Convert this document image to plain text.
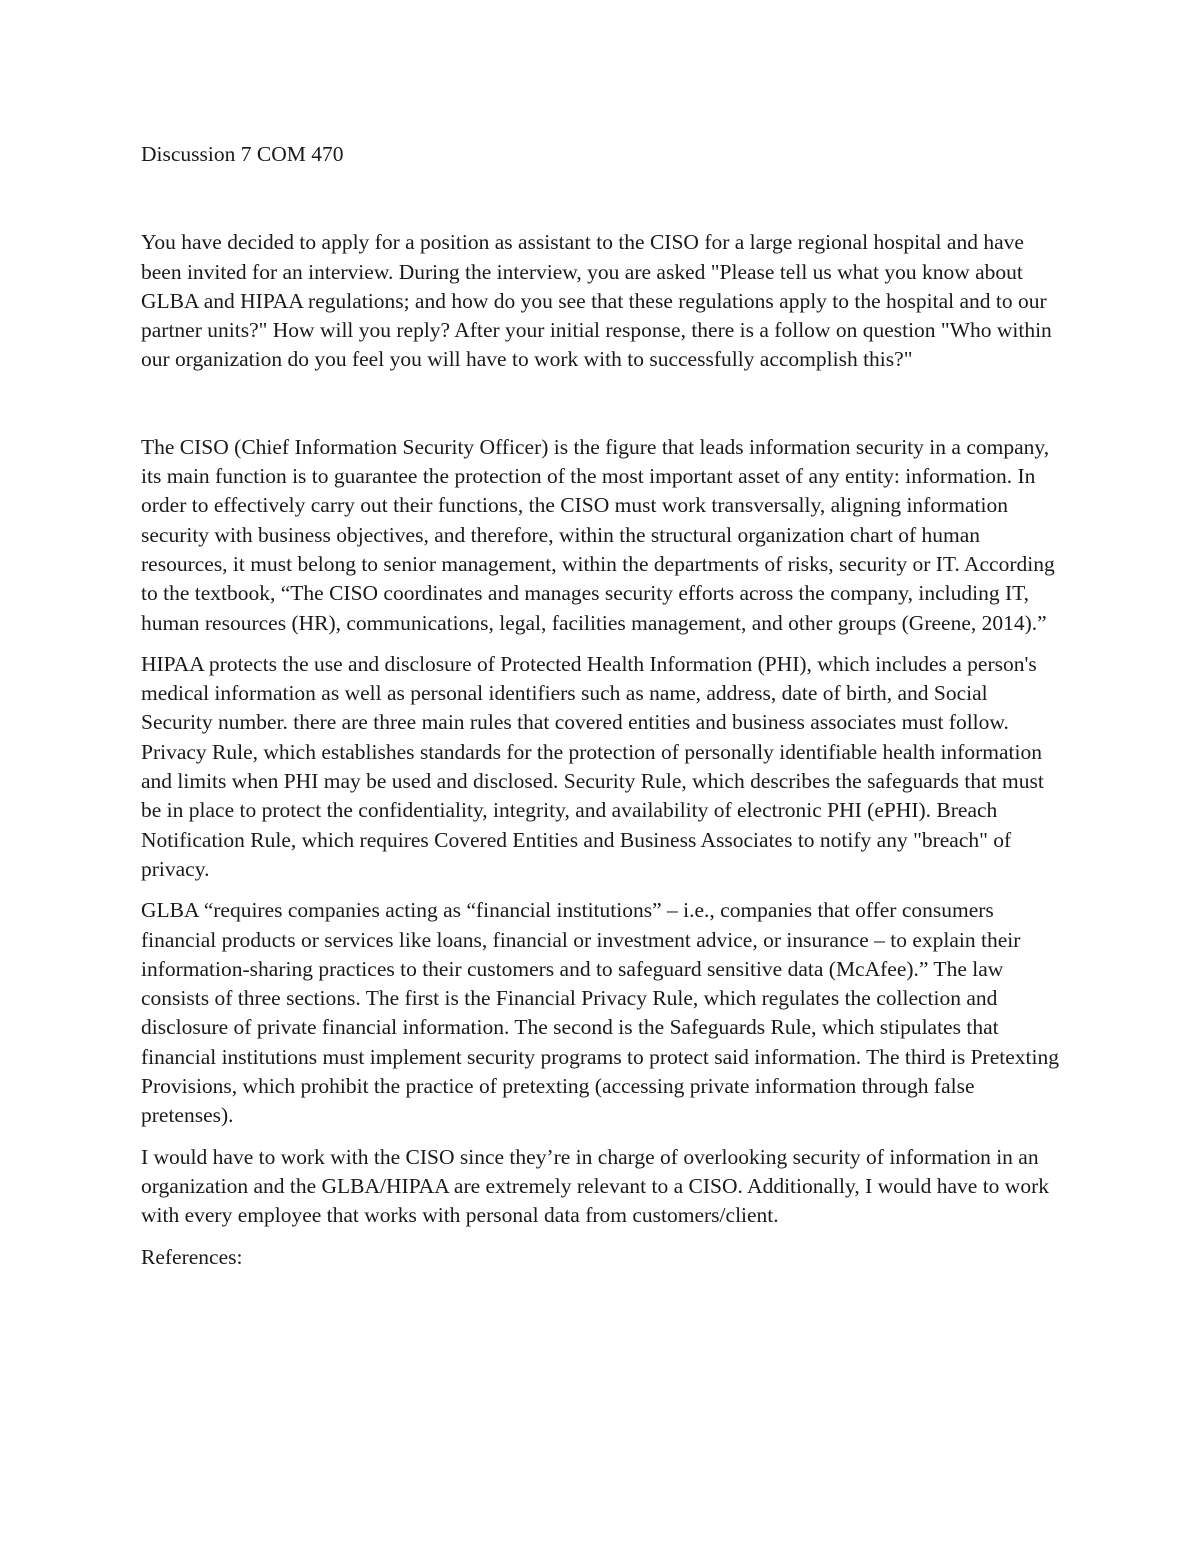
Discussion 7 COM 470

You have decided to apply for a position as assistant to the CISO for a large regional hospital and have been invited for an interview. During the interview, you are asked "Please tell us what you know about GLBA and HIPAA regulations; and how do you see that these regulations apply to the hospital and to our partner units?" How will you reply? After your initial response, there is a follow on question "Who within our organization do you feel you will have to work with to successfully accomplish this?"

The CISO (Chief Information Security Officer) is the figure that leads information security in a company, its main function is to guarantee the protection of the most important asset of any entity: information. In order to effectively carry out their functions, the CISO must work transversally, aligning information security with business objectives, and therefore, within the structural organization chart of human resources, it must belong to senior management, within the departments of risks, security or IT. According to the textbook, “The CISO coordinates and manages security efforts across the company, including IT, human resources (HR), communications, legal, facilities management, and other groups (Greene, 2014).”

HIPAA protects the use and disclosure of Protected Health Information (PHI), which includes a person's medical information as well as personal identifiers such as name, address, date of birth, and Social Security number. there are three main rules that covered entities and business associates must follow. Privacy Rule, which establishes standards for the protection of personally identifiable health information and limits when PHI may be used and disclosed. Security Rule, which describes the safeguards that must be in place to protect the confidentiality, integrity, and availability of electronic PHI (ePHI). Breach Notification Rule, which requires Covered Entities and Business Associates to notify any "breach" of privacy.

GLBA “requires companies acting as “financial institutions” – i.e., companies that offer consumers financial products or services like loans, financial or investment advice, or insurance – to explain their information-sharing practices to their customers and to safeguard sensitive data (McAfee).” The law consists of three sections. The first is the Financial Privacy Rule, which regulates the collection and disclosure of private financial information. The second is the Safeguards Rule, which stipulates that financial institutions must implement security programs to protect said information. The third is Pretexting Provisions, which prohibit the practice of pretexting (accessing private information through false pretenses).

I would have to work with the CISO since they’re in charge of overlooking security of information in an organization and the GLBA/HIPAA are extremely relevant to a CISO. Additionally, I would have to work with every employee that works with personal data from customers/client.

References:
